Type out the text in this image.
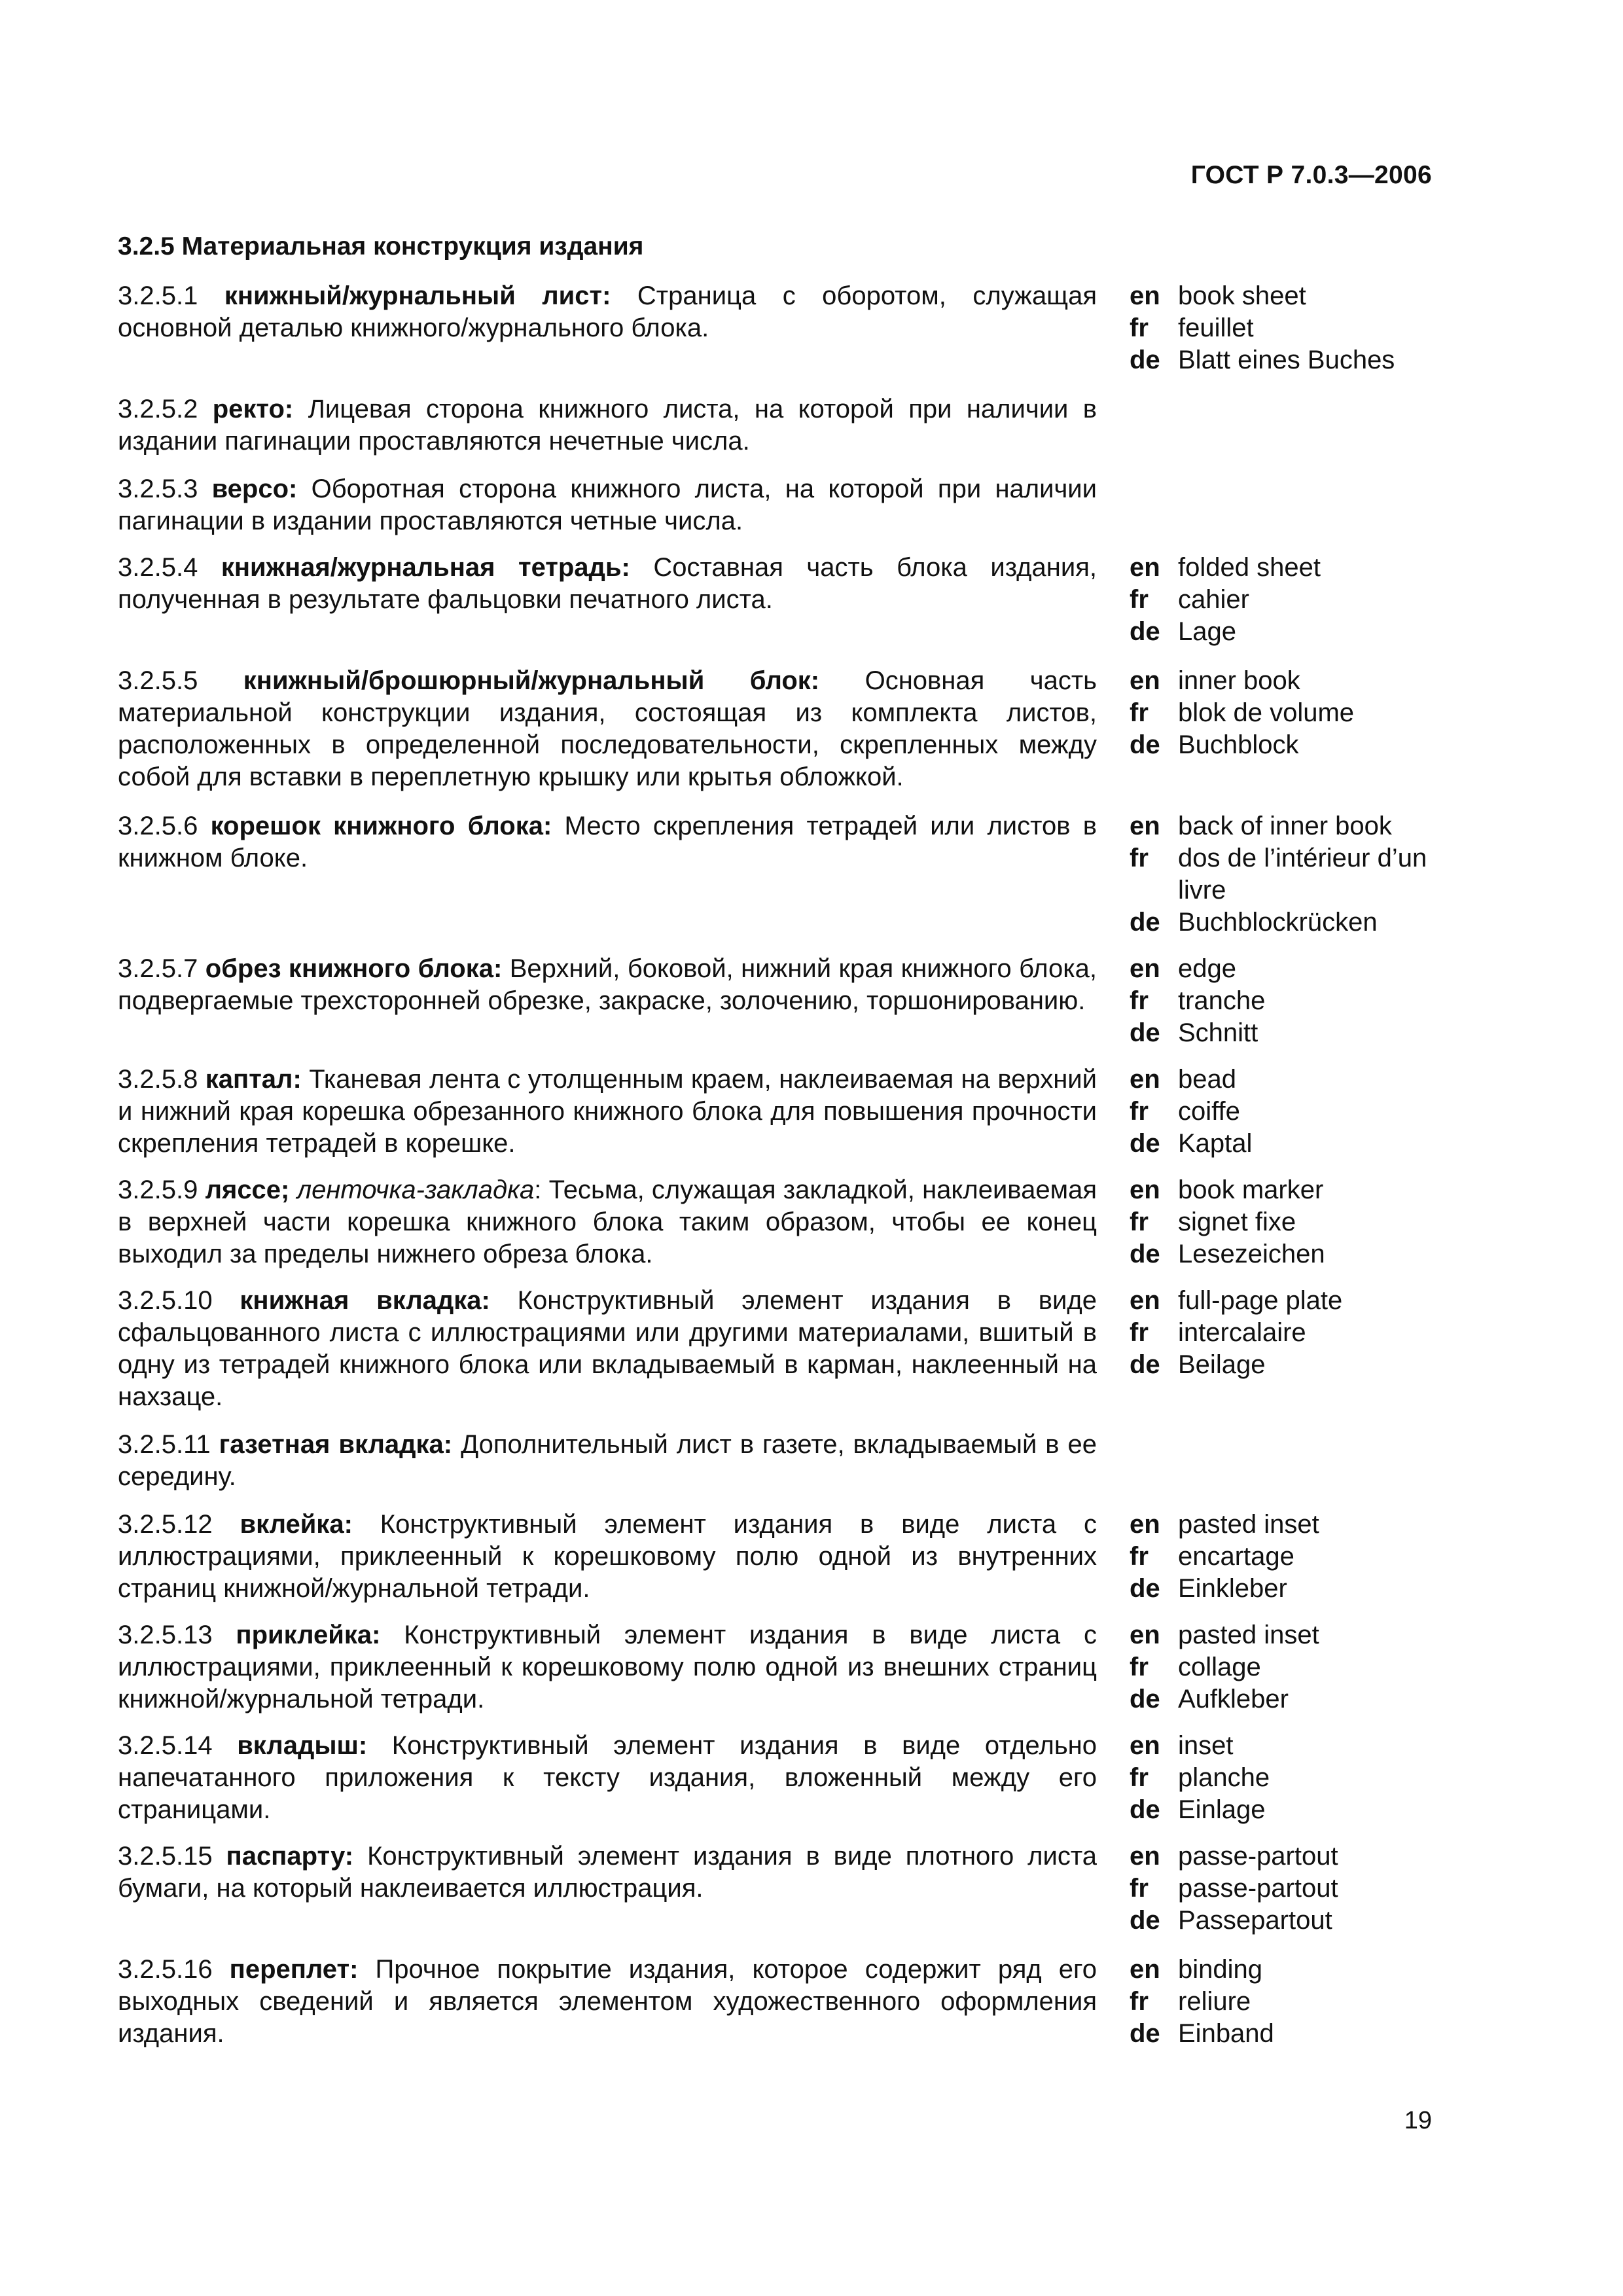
ГОСТ Р 7.0.3—2006
3.2.5 Материальная конструкция издания
3.2.5.1 книжный/журнальный лист: Страница с оборотом, служащая основной деталью книжного/журнального блока.
en book sheet
fr	feuillet
de Blatt eines Buches
3.2.5.2 ректо: Лицевая сторона книжного листа, на которой при наличии в издании пагинации проставляются нечетные числа.
3.2.5.3 версо: Оборотная сторона книжного листа, на которой при наличии пагинации в издании проставляются четные числа.
3.2.5.4 книжная/журнальная тетрадь: Составная часть блока издания, полученная в результате фальцовки печатного листа.
en folded sheet
fr	cahier
de Lage
3.2.5.5 книжный/брошюрный/журнальный блок: Основная часть материальной конструкции издания, состоящая из комплекта листов, расположенных в определенной последовательности, скрепленных между собой для вставки в переплетную крышку или крытья обложкой.
en inner book
fr	blok de volume
de Buchblock
3.2.5.6 корешок книжного блока: Место скрепления тетрадей или листов в книжном блоке.
en back of inner book
fr	dos de l’intérieur d’un livre
de Buchblockrücken
3.2.5.7 обрез книжного блока: Верхний, боковой, нижний края книжного блока, подвергаемые трехсторонней обрезке, закраске, золочению, торшонированию.
en edge
fr	tranche
de Schnitt
3.2.5.8 каптал: Тканевая лента с утолщенным краем, наклеиваемая на верхний и нижний края корешка обрезанного книжного блока для повышения прочности скрепления тетрадей в корешке.
en bead
fr	coiffe
de Kaptal
3.2.5.9 ляссе; ленточка-закладка: Тесьма, служащая закладкой, наклеиваемая в верхней части корешка книжного блока таким образом, чтобы ее конец выходил за пределы нижнего обреза блока.
en book marker
fr	signet fixe
de Lesezeichen
3.2.5.10 книжная вкладка: Конструктивный элемент издания в виде сфальцованного листа с иллюстрациями или другими материалами, вшитый в одну из тетрадей книжного блока или вкладываемый в карман, наклеенный на нахзаце.
en full-page plate
fr	intercalaire
de Beilage
3.2.5.11 газетная вкладка: Дополнительный лист в газете, вкладываемый в ее середину.
3.2.5.12 вклейка: Конструктивный элемент издания в виде листа с иллюстрациями, приклеенный к корешковому полю одной из внутренних страниц книжной/журнальной тетради.
en pasted inset
fr	encartage
de Einkleber
3.2.5.13 приклейка: Конструктивный элемент издания в виде листа с иллюстрациями, приклеенный к корешковому полю одной из внешних страниц книжной/журнальной тетради.
en pasted inset
fr	collage
de Aufkleber
3.2.5.14 вкладыш: Конструктивный элемент издания в виде отдельно напечатанного приложения к тексту издания, вложенный между его страницами.
en inset
fr	planche
de Einlage
3.2.5.15 паспарту: Конструктивный элемент издания в виде плотного листа бумаги, на который наклеивается иллюстрация.
en passe-partout
fr	passe-partout
de Passepartout
3.2.5.16 переплет: Прочное покрытие издания, которое содержит ряд его выходных сведений и является элементом художественного оформления издания.
en binding
fr	reliure
de Einband
19
